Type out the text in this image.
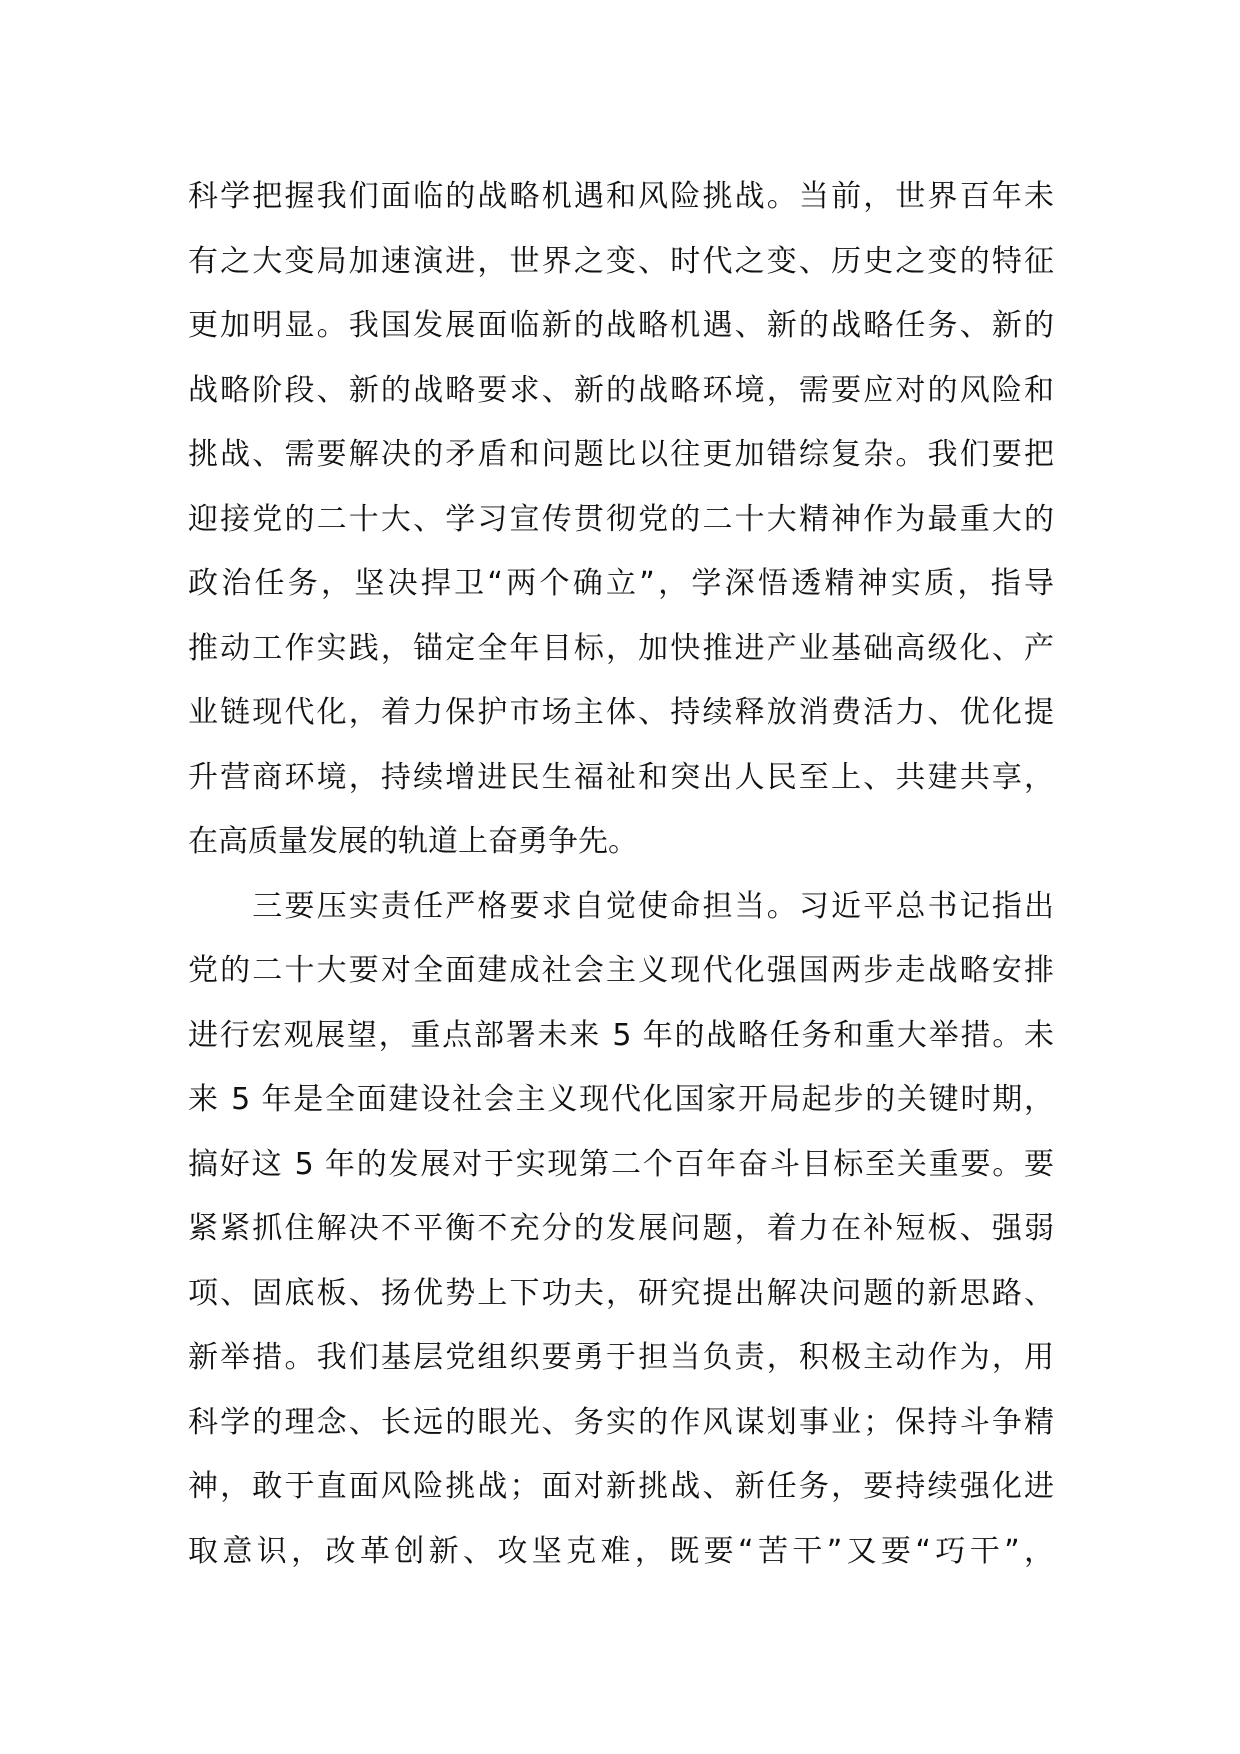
科学把握我们面临的战略机遇和风险挑战。当前，世界百年未
有之大变局加速演进，世界之变、时代之变、历史之变的特征
更加明显。我国发展面临新的战略机遇、新的战略任务、新的
战略阶段、新的战略要求、新的战略环境，需要应对的风险和
挑战、需要解决的矛盾和问题比以往更加错综复杂。我们要把
迎接党的二十大、学习宣传贯彻党的二十大精神作为最重大的
政治任务，坚决捍卫“两个确立”，学深悟透精神实质，指导
推动工作实践，锚定全年目标，加快推进产业基础高级化、产
业链现代化，着力保护市场主体、持续释放消费活力、优化提
升营商环境，持续增进民生福祉和突出人民至上、共建共享，
在高质量发展的轨道上奋勇争先。
　　三要压实责任严格要求自觉使命担当。习近平总书记指出
党的二十大要对全面建成社会主义现代化强国两步走战略安排
进行宏观展望，重点部署未来 5 年的战略任务和重大举措。未
来 5 年是全面建设社会主义现代化国家开局起步的关键时期，
搞好这 5 年的发展对于实现第二个百年奋斗目标至关重要。要
紧紧抓住解决不平衡不充分的发展问题，着力在补短板、强弱
项、固底板、扬优势上下功夫，研究提出解决问题的新思路、
新举措。我们基层党组织要勇于担当负责，积极主动作为，用
科学的理念、长远的眼光、务实的作风谋划事业；保持斗争精
神，敢于直面风险挑战；面对新挑战、新任务，要持续强化进
取意识，改革创新、攻坚克难，既要“苦干”又要“巧干”，
